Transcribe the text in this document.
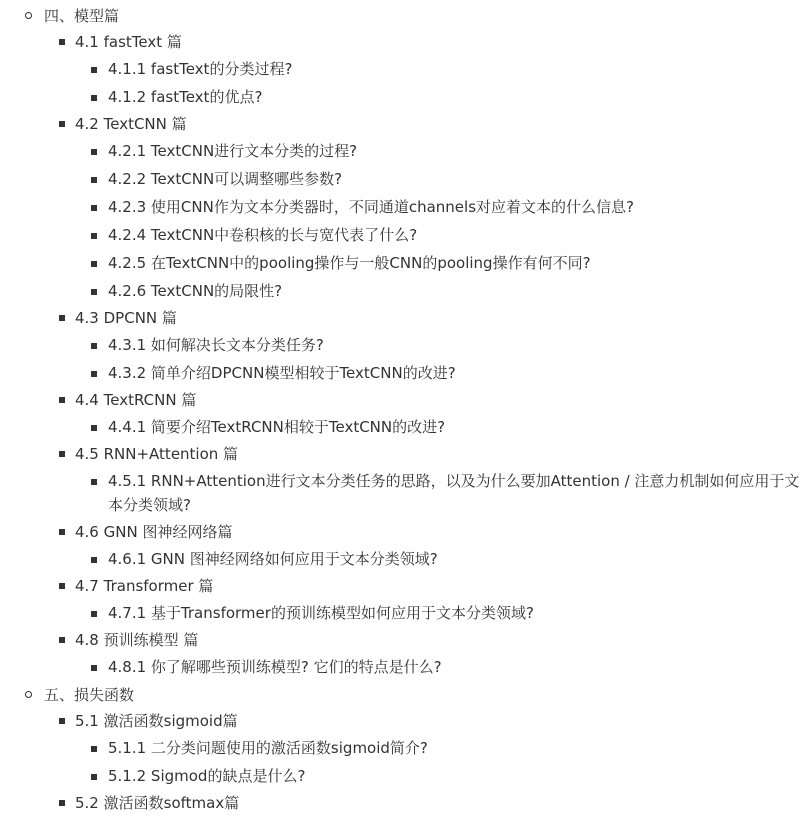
四、模型篇
4.1 fastText 篇
4.1.1 fastText的分类过程?
4.1.2 fastText的优点?
4.2 TextCNN 篇
4.2.1 TextCNN进行文本分类的过程?
4.2.2 TextCNN可以调整哪些参数?
4.2.3 使用CNN作为文本分类器时，不同通道channels对应着文本的什么信息?
4.2.4 TextCNN中卷积核的长与宽代表了什么?
4.2.5 在TextCNN中的pooling操作与一般CNN的pooling操作有何不同?
4.2.6 TextCNN的局限性?
4.3 DPCNN 篇
4.3.1 如何解决长文本分类任务?
4.3.2 简单介绍DPCNN模型相较于TextCNN的改进?
4.4 TextRCNN 篇
4.4.1 简要介绍TextRCNN相较于TextCNN的改进?
4.5 RNN+Attention 篇
4.5.1 RNN+Attention进行文本分类任务的思路，以及为什么要加Attention / 注意力机制如何应用于文本分类领域?
4.6 GNN 图神经网络篇
4.6.1 GNN 图神经网络如何应用于文本分类领域?
4.7 Transformer 篇
4.7.1 基于Transformer的预训练模型如何应用于文本分类领域?
4.8 预训练模型 篇
4.8.1 你了解哪些预训练模型? 它们的特点是什么?
五、损失函数
5.1 激活函数sigmoid篇
5.1.1 二分类问题使用的激活函数sigmoid简介?
5.1.2 Sigmod的缺点是什么?
5.2 激活函数softmax篇
